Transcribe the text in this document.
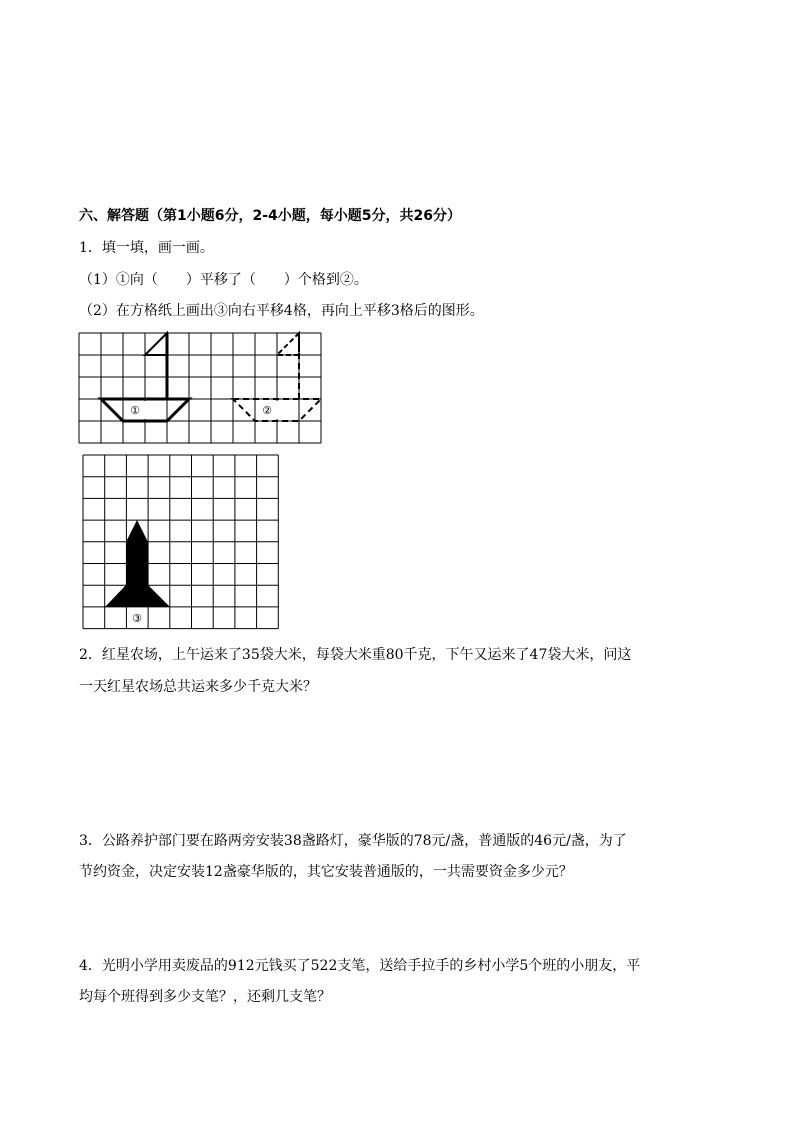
六、解答题（第1小题6分，2-4小题，每小题5分，共26分）
1．填一填，画一画。
（1）①向（　　）平移了（　　）个格到②。
（2）在方格纸上画出③向右平移4格，再向上平移3格后的图形。
①	②
③
2．红星农场，上午运来了35袋大米，每袋大米重80千克，下午又运来了47袋大米，问这
一天红星农场总共运来多少千克大米？
3．公路养护部门要在路两旁安装38盏路灯，豪华版的78元/盏，普通版的46元/盏，为了
节约资金，决定安装12盏豪华版的，其它安装普通版的，一共需要资金多少元？
4．光明小学用卖废品的912元钱买了522支笔，送给手拉手的乡村小学5个班的小朋友，平
均每个班得到多少支笔？，还剩几支笔？
